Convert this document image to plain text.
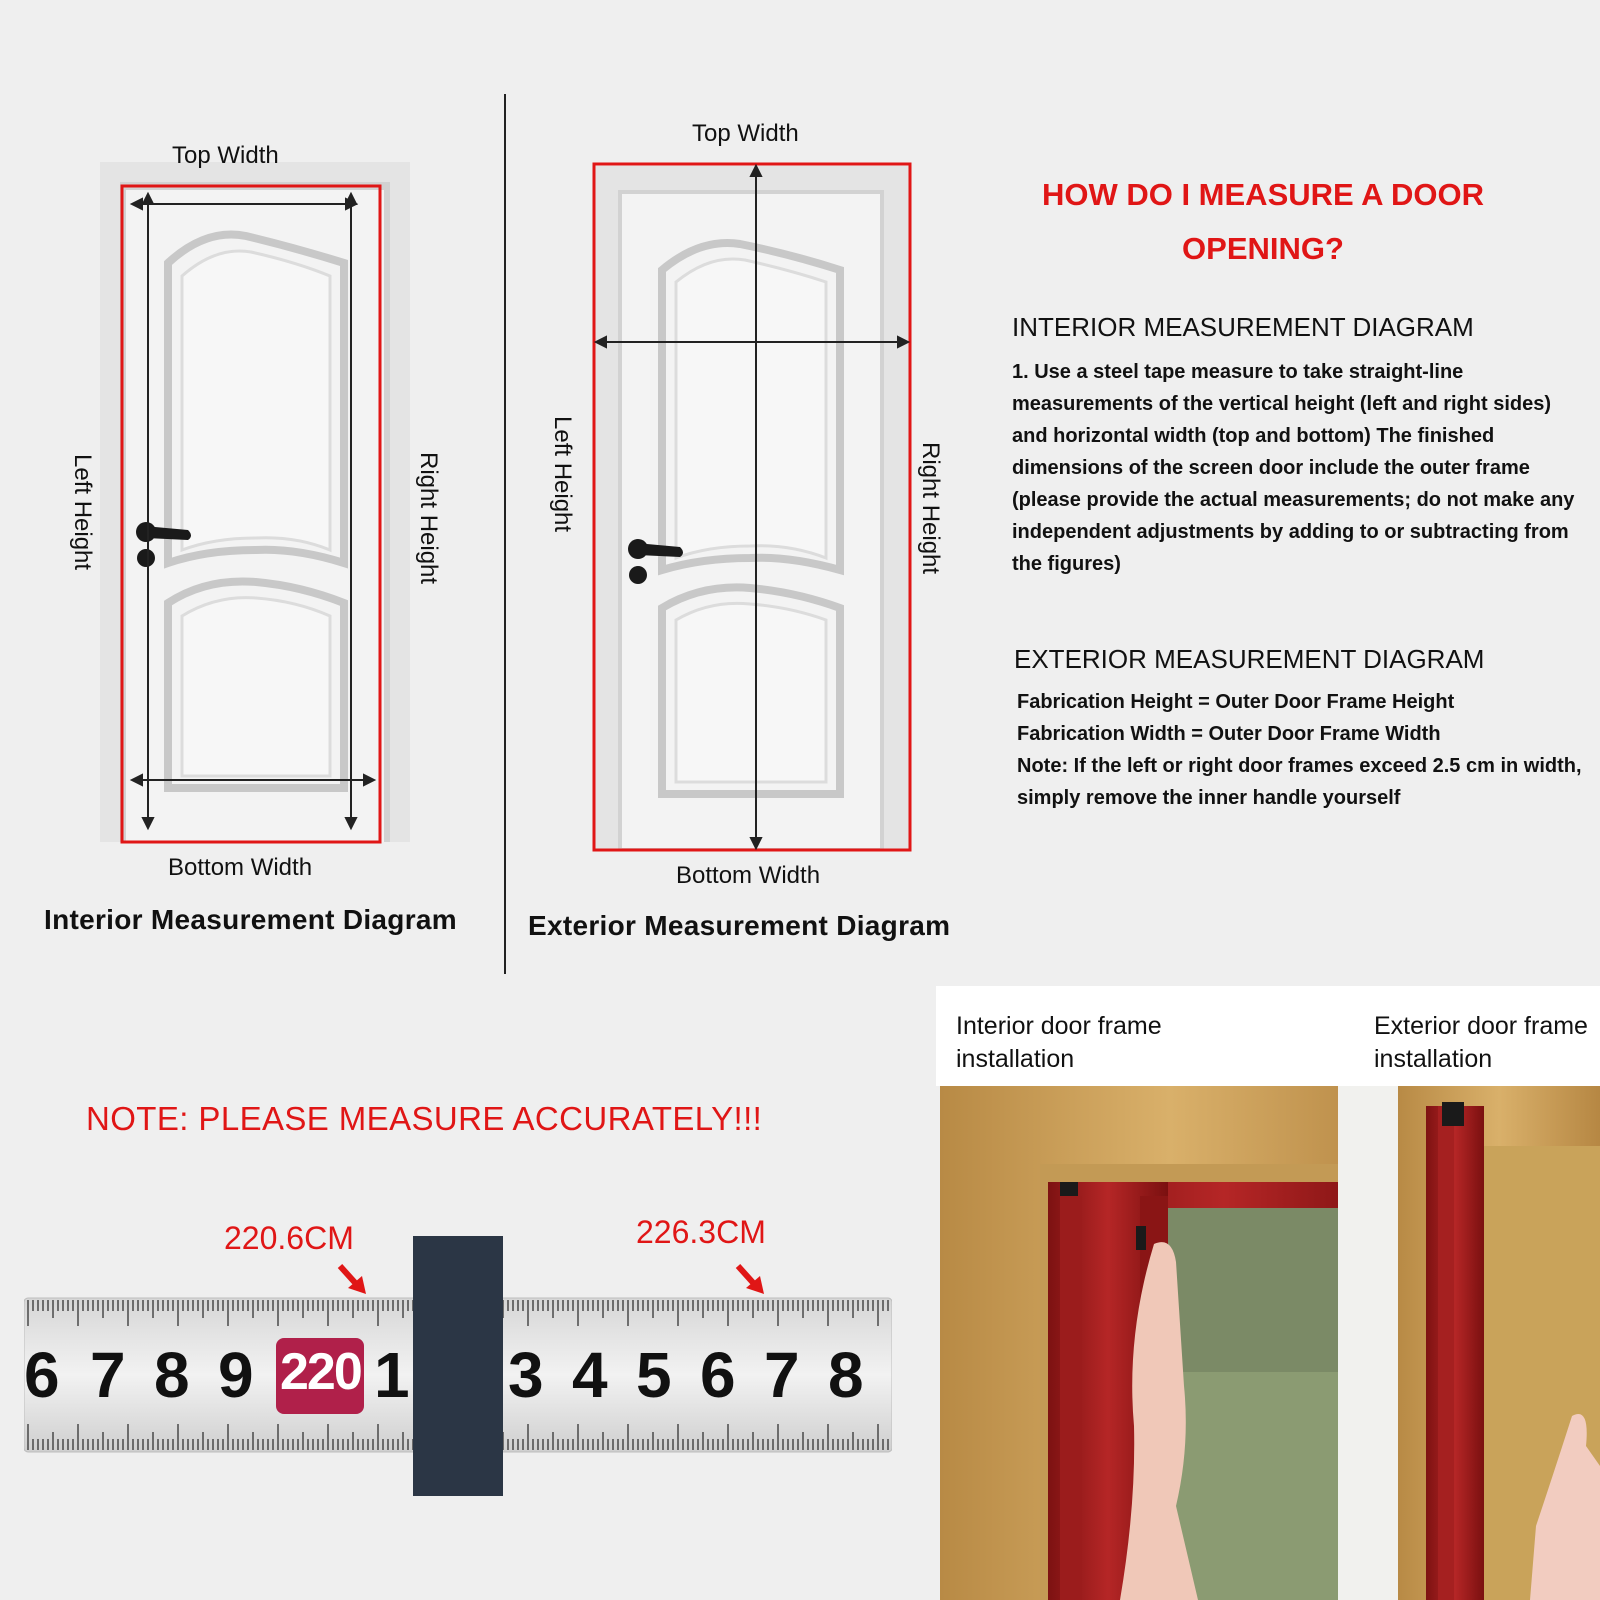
Top Width
Bottom Width
Left Height	Right Height
Interior Measurement Diagram
Top Width
Bottom Width
Left Height	Right Height
Exterior Measurement Diagram
HOW DO I MEASURE A DOOR OPENING?
INTERIOR MEASUREMENT DIAGRAM
1. Use a steel tape measure to take straight-line measurements of the vertical height (left and right sides) and horizontal width (top and bottom) The finished dimensions of the screen door include the outer frame (please provide the actual measurements; do not make any independent adjustments by adding to or subtracting from the figures)
EXTERIOR MEASUREMENT DIAGRAM
Fabrication Height = Outer Door Frame Height
Fabrication Width = Outer Door Frame Width
Note: If the left or right door frames exceed 2.5 cm in width, simply remove the inner handle yourself
NOTE: PLEASE MEASURE ACCURATELY!!!
220.6CM	226.3CM
6 7 8 9 220 1 3 4 5 6 7 8
Interior door frame installation
Exterior door frame installation
